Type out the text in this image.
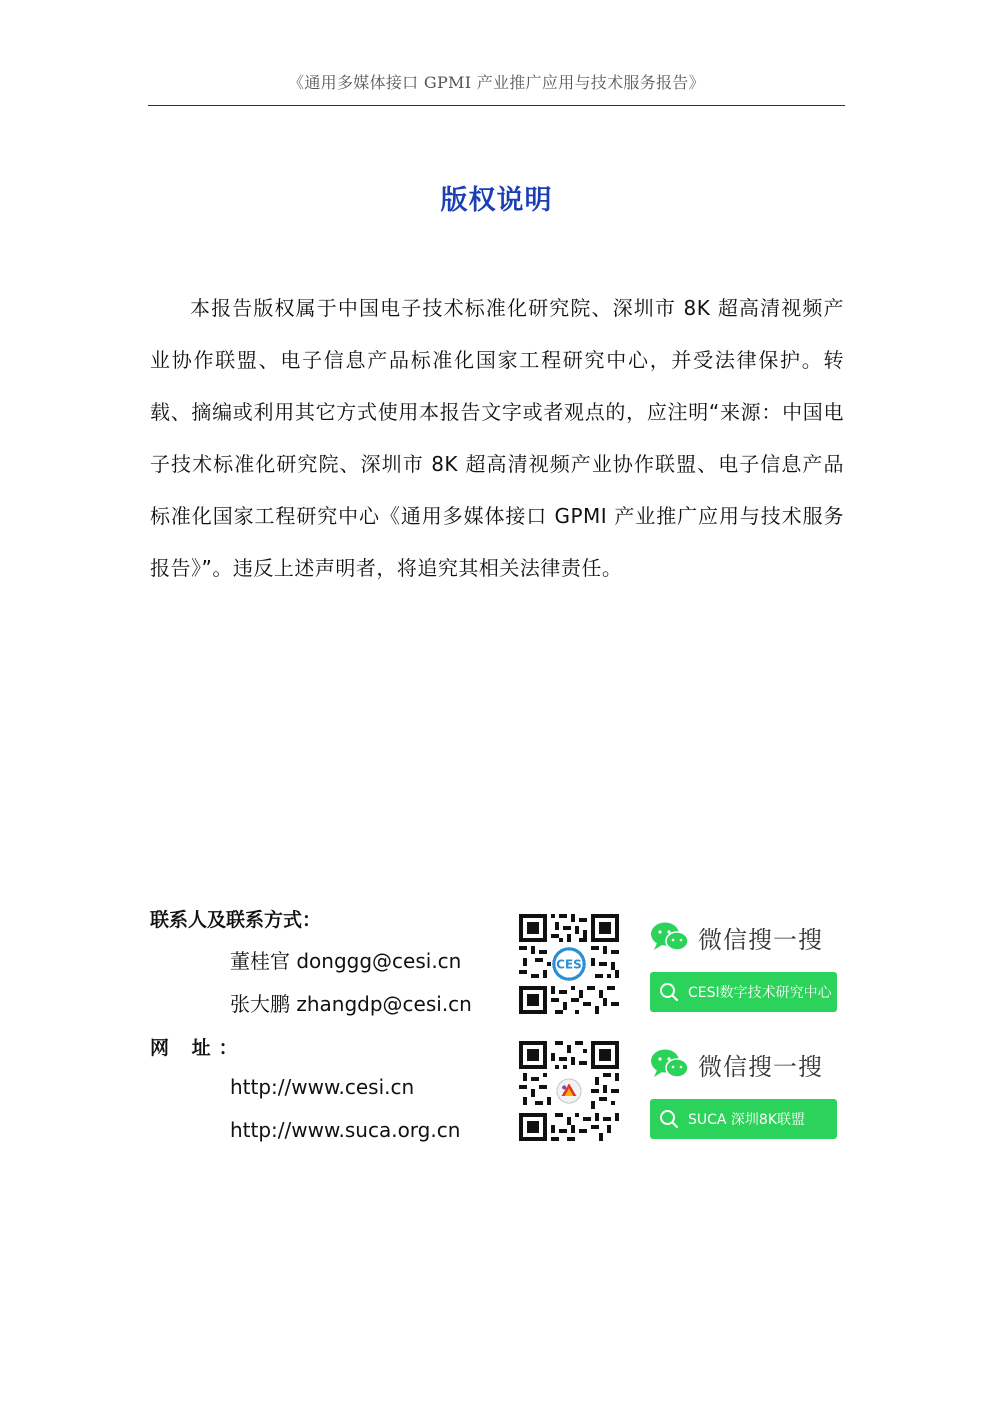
《通用多媒体接口 GPMI 产业推广应用与技术服务报告》
版权说明
本报告版权属于中国电子技术标准化研究院、深圳市 8K 超高清视频产业协作联盟、电子信息产品标准化国家工程研究中心，并受法律保护。转载、摘编或利用其它方式使用本报告文字或者观点的，应注明“来源：中国电子技术标准化研究院、深圳市 8K 超高清视频产业协作联盟、电子信息产品标准化国家工程研究中心《通用多媒体接口 GPMI 产业推广应用与技术服务报告》”。违反上述声明者，将追究其相关法律责任。
联系人及联系方式：
董桂官 donggg@cesi.cn
张大鹏 zhangdp@cesi.cn
网 址：
http://www.cesi.cn
http://www.suca.org.cn
CES
微信搜一搜
CESI数字技术研究中心
微信搜一搜
SUCA 深圳8K联盟
